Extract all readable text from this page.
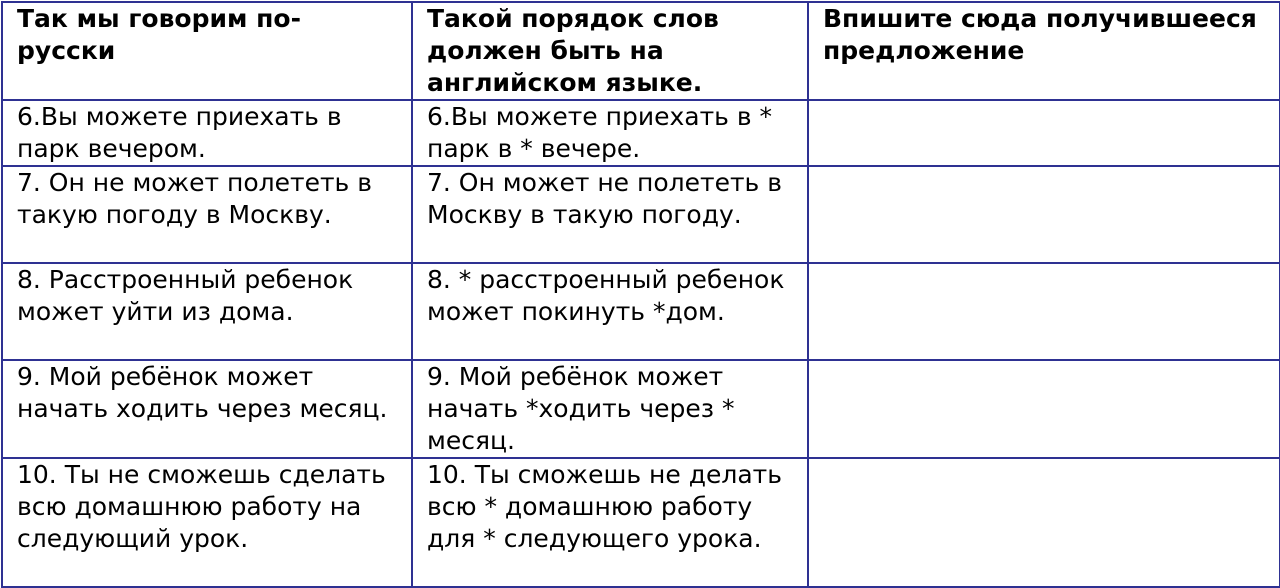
Так мы говорим по-русски	Такой порядок слов должен быть на английском языке.	Впишите сюда получившееся предложение
6.Вы можете приехать в парк вечером.	6.Вы можете приехать в * парк в * вечере.	
7. Он не может полететь в такую погоду в Москву.	7. Он может не полететь в Москву в такую погоду.	
8. Расстроенный ребенок может уйти из дома.	8. * расстроенный ребенок может покинуть *дом.	
9. Мой ребёнок может начать ходить через месяц.	9. Мой ребёнок может начать *ходить через * месяц.	
10. Ты не сможешь сделать всю домашнюю работу на следующий урок.	10. Ты сможешь не делать всю * домашнюю работу для * следующего урока.	
